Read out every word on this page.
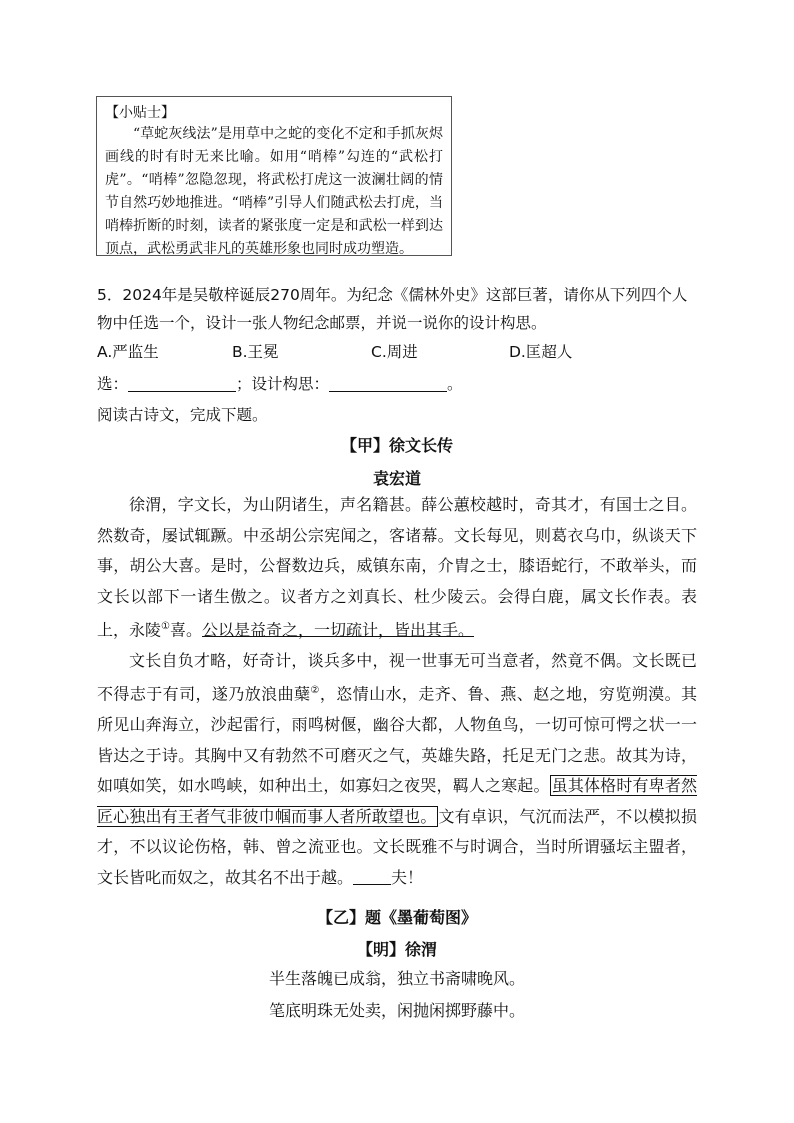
【小贴士】
“草蛇灰线法”是用草中之蛇的变化不定和手抓灰烬画线的时有时无来比喻。如用“哨棒”勾连的“武松打虎”。“哨棒”忽隐忽现，将武松打虎这一波澜壮阔的情节自然巧妙地推进。“哨棒”引导人们随武松去打虎，当哨棒折断的时刻，读者的紧张度一定是和武松一样到达顶点，武松勇武非凡的英雄形象也同时成功塑造。
5．2024年是吴敬梓诞辰270周年。为纪念《儒林外史》这部巨著，请你从下列四个人物中任选一个，设计一张人物纪念邮票，并说一说你的设计构思。
A.严监生	B.王冕	C.周进	D.匡超人
选：	；设计构思：	。
阅读古诗文，完成下题。
【甲】徐文长传
袁宏道

徐渭，字文长，为山阴诸生，声名籍甚。薛公蕙校越时，奇其才，有国士之目。然数奇，屡试辄蹶。中丞胡公宗宪闻之，客诸幕。文长每见，则葛衣乌巾，纵谈天下事，胡公大喜。是时，公督数边兵，威镇东南，介胄之士，膝语蛇行，不敢举头，而文长以部下一诸生傲之。议者方之刘真长、杜少陵云。会得白鹿，属文长作表。表上，永陵①喜。公以是益奇之，一切疏计，皆出其手。

文长自负才略，好奇计，谈兵多中，视一世事无可当意者，然竟不偶。文长既已不得志于有司，遂乃放浪曲蘖②，恣情山水，走齐、鲁、燕、赵之地，穷览朔漠。其所见山奔海立，沙起雷行，雨鸣树偃，幽谷大都，人物鱼鸟，一切可惊可愕之状一一皆达之于诗。其胸中又有勃然不可磨灭之气，英雄失路，托足无门之悲。故其为诗，如嗔如笑，如水鸣峡，如种出土，如寡妇之夜哭，羁人之寒起。 虽其体格时有卑者然匠心独出有王者气非彼巾帼而事人者所敢望也。 文有卓识，气沉而法严，不以模拟损才，不以议论伤格，韩、曾之流亚也。文长既雅不与时调合，当时所谓骚坛主盟者，文长皆叱而奴之，故其名不出于越。 夫！

【乙】题《墨葡萄图》
【明】徐渭
半生落魄已成翁，独立书斋啸晚风。
笔底明珠无处卖，闲抛闲掷野藤中。
